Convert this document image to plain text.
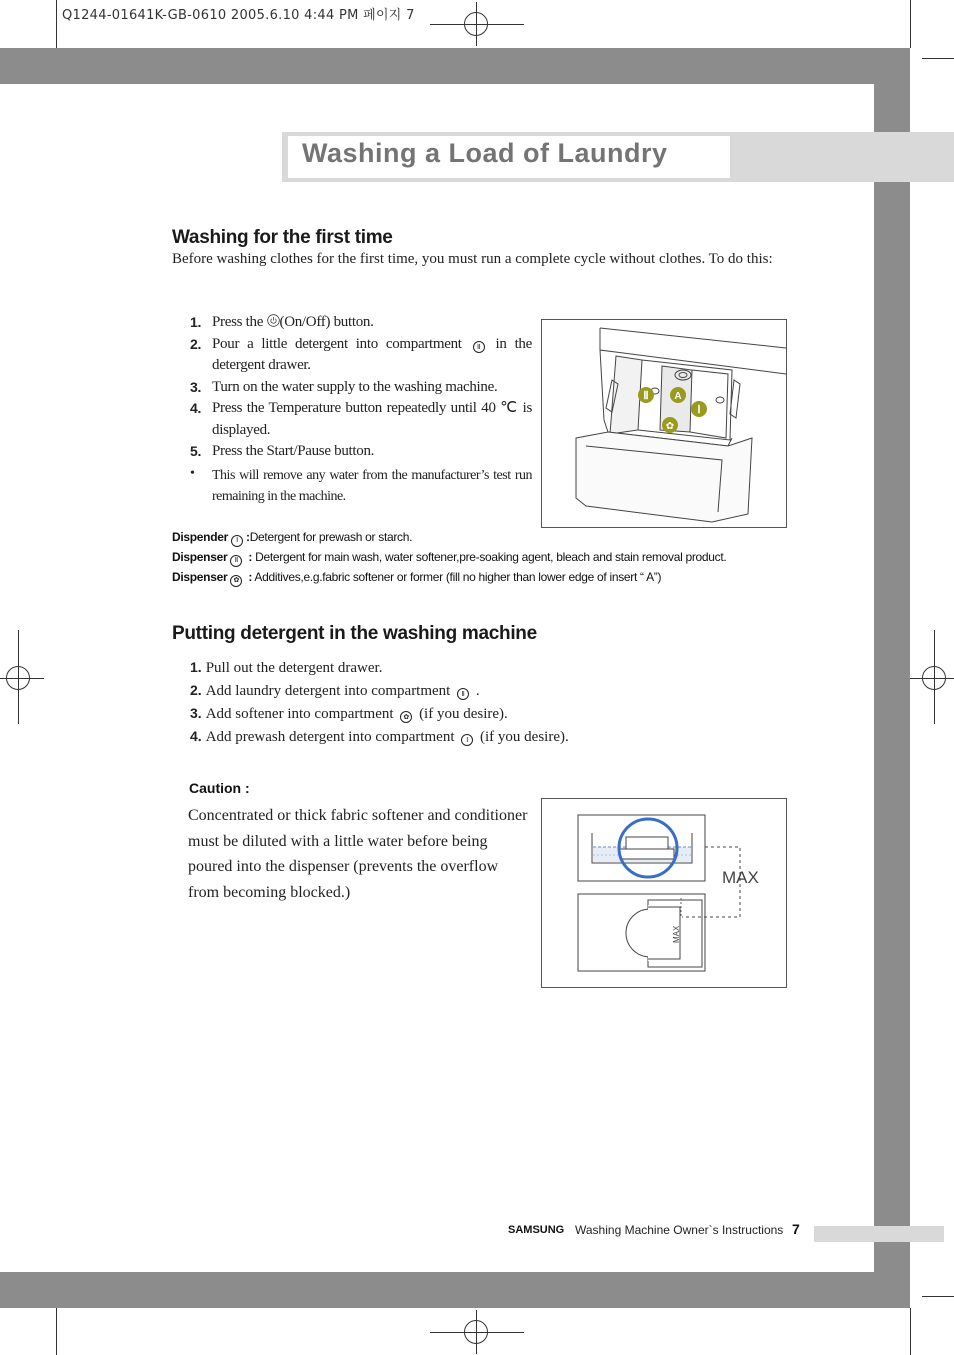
Q1244-01641K-GB-0610 2005.6.10 4:44 PM 페이지 7
Washing a Load of Laundry
Washing for the first time
Before washing clothes for the first time, you must run a complete cycle without clothes. To do this:
1. Press the (On/Off) button.
2. Pour a little detergent into compartment Ⅱ in the detergent drawer.
3. Turn on the water supply to the washing machine.
4. Press the Temperature button repeatedly until 40 ℃ is displayed.
5. Press the Start/Pause button.
• This will remove any water from the manufacturer’s test run remaining in the machine.
Ⅱ	A
Ⅰ
✿
Dispender Ⅰ :Detergent for prewash or starch.
Dispenser Ⅱ : Detergent for main wash, water softener,pre-soaking agent, bleach and stain removal product.
Dispenser ✿ : Additives,e.g.fabric softener or former (fill no higher than lower edge of insert “ A”)
Putting detergent in the washing machine
1. Pull out the detergent drawer.
2. Add laundry detergent into compartment Ⅱ .
3. Add softener into compartment ✿ (if you desire).
4. Add prewash detergent into compartment Ⅰ (if you desire).
Caution :
Concentrated or thick fabric softener and conditioner must be diluted with a little water before being poured into the dispenser (prevents the overflow from becoming blocked.)
MAX
MAX
SAMSUNG Washing Machine Owner`s Instructions 7
